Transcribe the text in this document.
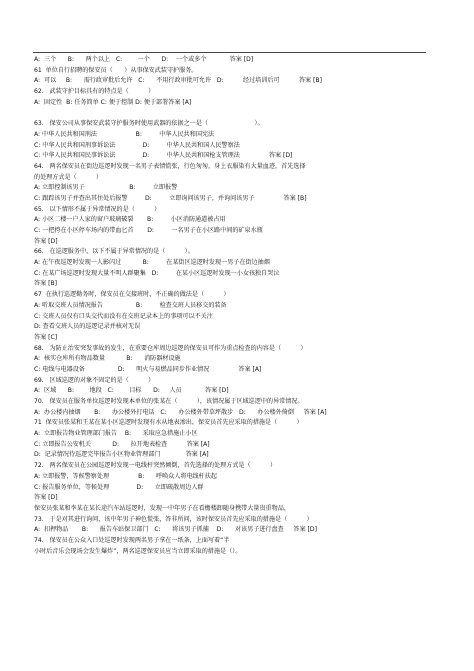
A:  三个      B:      两个以上   C:        一个      D:    一个或多个            答案 [D]
61  单位自行招聘的保安员（      ）从事保安武装守护服务。
A:  可以     B:      需行政审批后允许   C:      不用行政审批可允许   D:          经过培训后可          答案 [B]
62.   武装守护目标具有的特点是（          ）
A:  固定性  B: 任务简单 C: 便于控制 D: 便于部署答案 [A]
63.   保安公司从事保安武装守护服务时使用武器的依据之一是（                        ）。
A: 中华人民共和国刑法                    B:         中华人民共和国宪法
C: 中华人民共和国刑事诉讼法              D:         中华人民共和国人民警察法
C: 中华人民共和国民事诉讼法              D:         中华人民共和国枪支管理法               答案 [D]
64.   两名保安员在街边巡逻时发现一名男子表情慌张，行色匆匆，身上衣服染有大量血迹，首先选择
的处理方式是（          ）
A: 立即控制该男子                       B:         立即报警
C: 跟踪该男子并查出其住处后报警         D:         立即询问该男子，并询问该男子               答案 [B]
65.   以下情形不属于异常情况的是（          ）
A: 小区二楼一户人家的窗户玻璃破裂       B:         小区消防通道被占用
C: 一把挎在小区停车场内的带血匕首       D:         一名男子在小区路中间的矿泉水瓶
答案 [D]
66.   在巡逻服务中，以下不属于异常情况的是（          ）。
A: 在午夜巡逻时发现一人影闪过           B:         在某街区巡逻时发现一男子在街边抽烟
C: 在某广场巡逻时发现大量不明人群聚集   D:         在某小区巡逻时发现一小女孩独自哭泣
答案 [B]
67  在执行巡逻勤务时，保安员在交接班时，不正确的做法是（          ）
A: 听取交班人员情况报告                 B:         检查交班人员移交的装备
C: 交班人员仅有口头交代而没有在交班记录本上的事项可以不关注
D: 查看交班人员的巡逻记录并核对无误
答案 [C]
68.   为防止治安突发事故的发生，在重要仓库周边巡逻的保安员可作为重点检查的内容是（          ）
A:  核实仓库所有物品数量           B:      消防器材设施
C: 电线与电器设备                 D:      明火与易燃品同步作业情况               答案 [A]
69.   区域巡逻的对象不固定的是（          ）
A:  区域      B:        地段   C:        目标      D:     人员            答案 [D]
70.   保安员在服务单位巡逻时发现本单位的张某在（          ），该情况属于区域巡逻中的异常情况。
A:  办公楼内抽烟       B:      办公楼外打电话   C:      办公楼外带草坪散步   D:      办公楼外倚倒     答案 [A]
71  保安员张某和王某在某小区巡逻时发现有水从地表渗出，保安员首先应采取的措施是（          ）
A:  立即报告物业管理部门报告    B:      采取应急措施止小区
C: 立即报告公安机关           D:      拉开地表检查          答案 [A]
D:  记录情况待巡逻完毕报告小区物业管理部门             答案 [A]
72.   两名保安员在公园巡逻时发现一电线杆突然倾倒，首先选择的处理方式是（          ）
A: 立即报警，等候警察处理               B:      呼唤众人将电线杆扶起
C: 报告服务单位，等候处理              D:      立即疏散周边人群
答案 [D]
保安员张某和李某在某长途汽车站巡逻时，发现一中年男子在看檐楼卸随身携带大量贵重物品，
73.   于是对其进行询问，该中年男子神色慌张，答非所问，该时保安员首先应采取的措施是（          ）
A:  扣押物品       B:      报告车站保卫部门   C:      将该男子抓捕    D:      对该男子进行盘查     答案 [D]
74.   保安员在公众入口处巡逻时发现两名男子拿在一纸条，上面写着“半
小时后音乐会现场会发生爆炸”，两名巡逻保安员应当立即采取的措施是（）。
